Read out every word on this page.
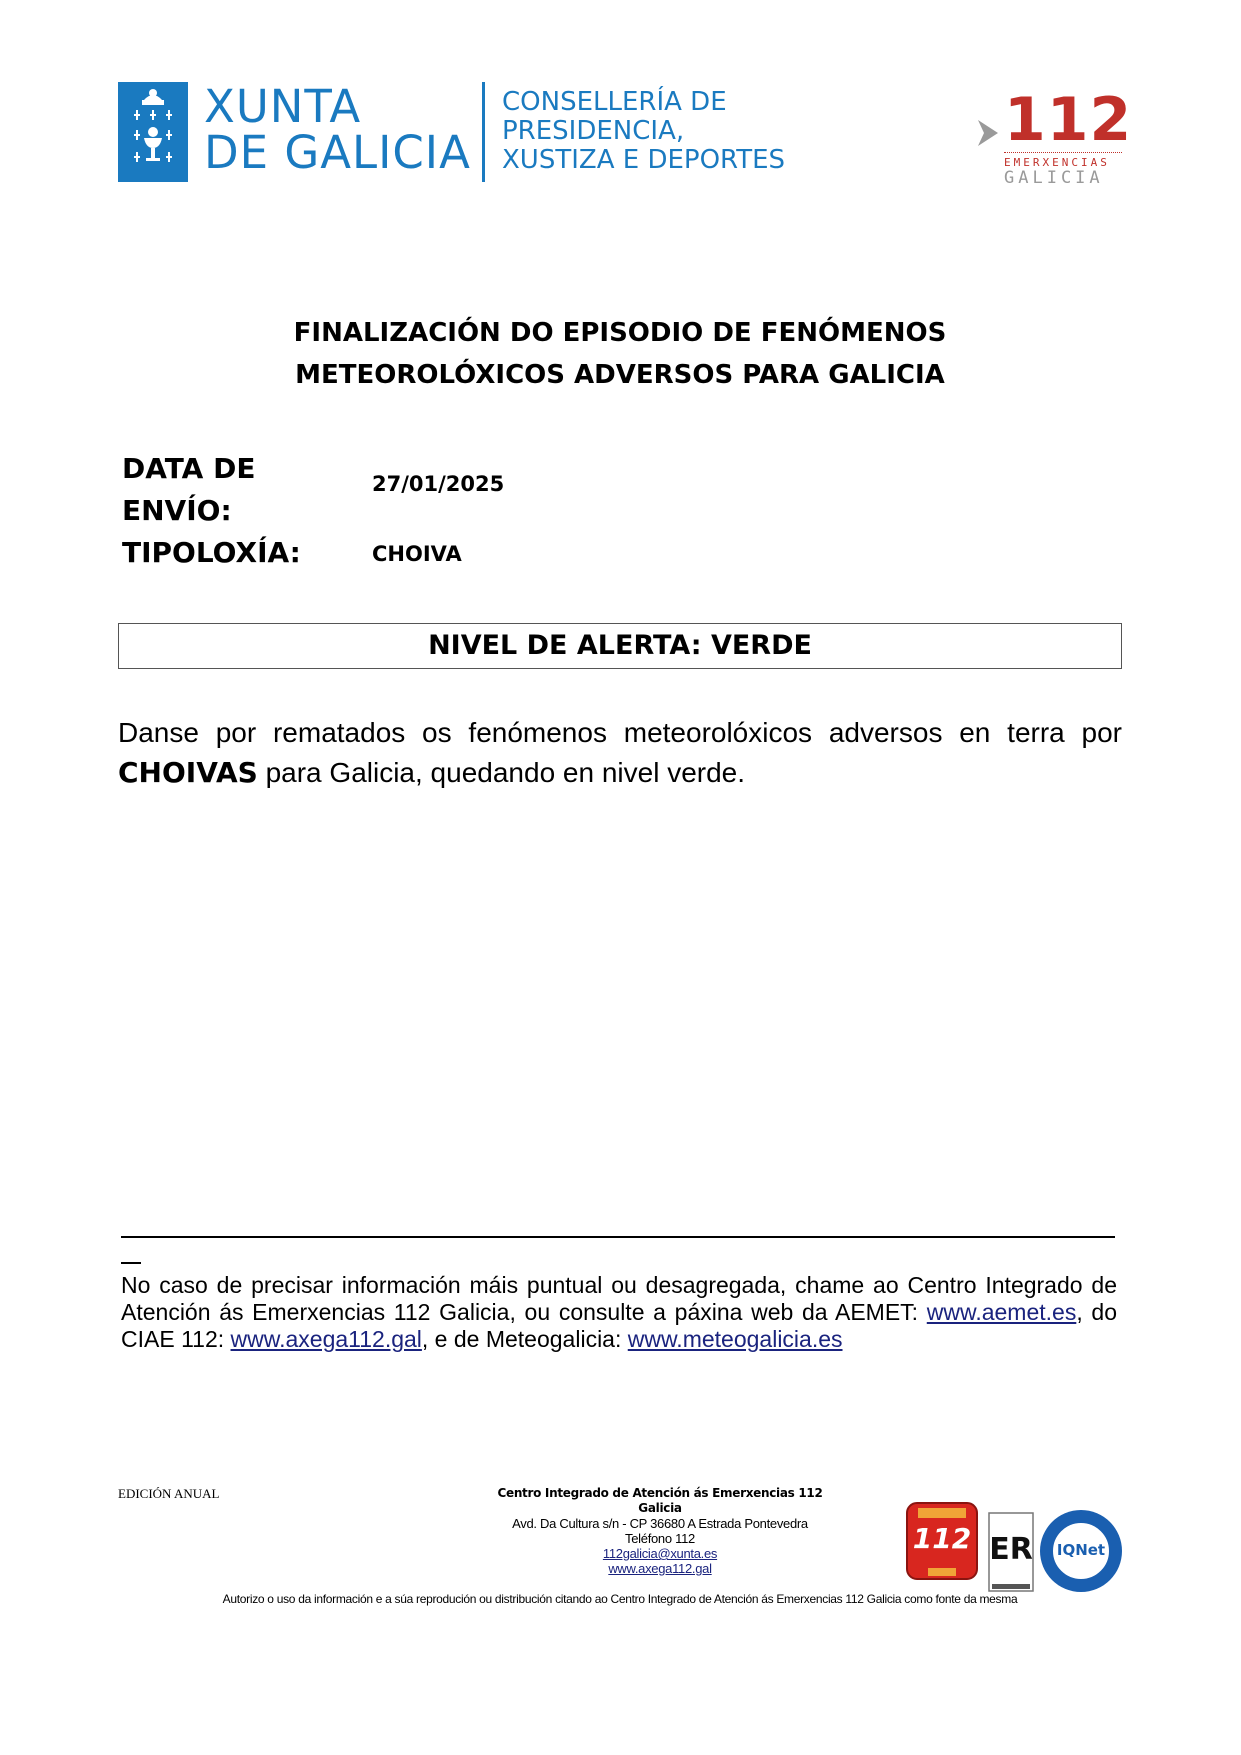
XUNTA
DE GALICIA
CONSELLERÍA DE
PRESIDENCIA,
XUSTIZA E DEPORTES
112
EMERXENCIAS
GALICIA
FINALIZACIÓN DO EPISODIO DE FENÓMENOS
METEOROLÓXICOS ADVERSOS PARA GALICIA
DATA DE
ENVÍO:
27/01/2025
TIPOLOXÍA:	CHOIVA
NIVEL DE ALERTA: VERDE
Danse por rematados os fenómenos meteorolóxicos adversos en terra por CHOIVAS para Galicia, quedando en nivel verde.
No caso de precisar información máis puntual ou desagregada, chame ao Centro Integrado de Atención ás Emerxencias 112 Galicia, ou consulte a páxina web da AEMET: www.aemet.es, do CIAE 112: www.axega112.gal, e de Meteogalicia: www.meteogalicia.es
EDICIÓN ANUAL	Centro Integrado de Atención ás Emerxencias 112
Galicia
Avd. Da Cultura s/n - CP 36680 A Estrada Pontevedra
Teléfono 112
112galicia@xunta.es
www.axega112.gal
112 ER	IQNet
Autorizo o uso da información e a súa reprodución ou distribución citando ao Centro Integrado de Atención ás Emerxencias 112 Galicia como fonte da mesma
